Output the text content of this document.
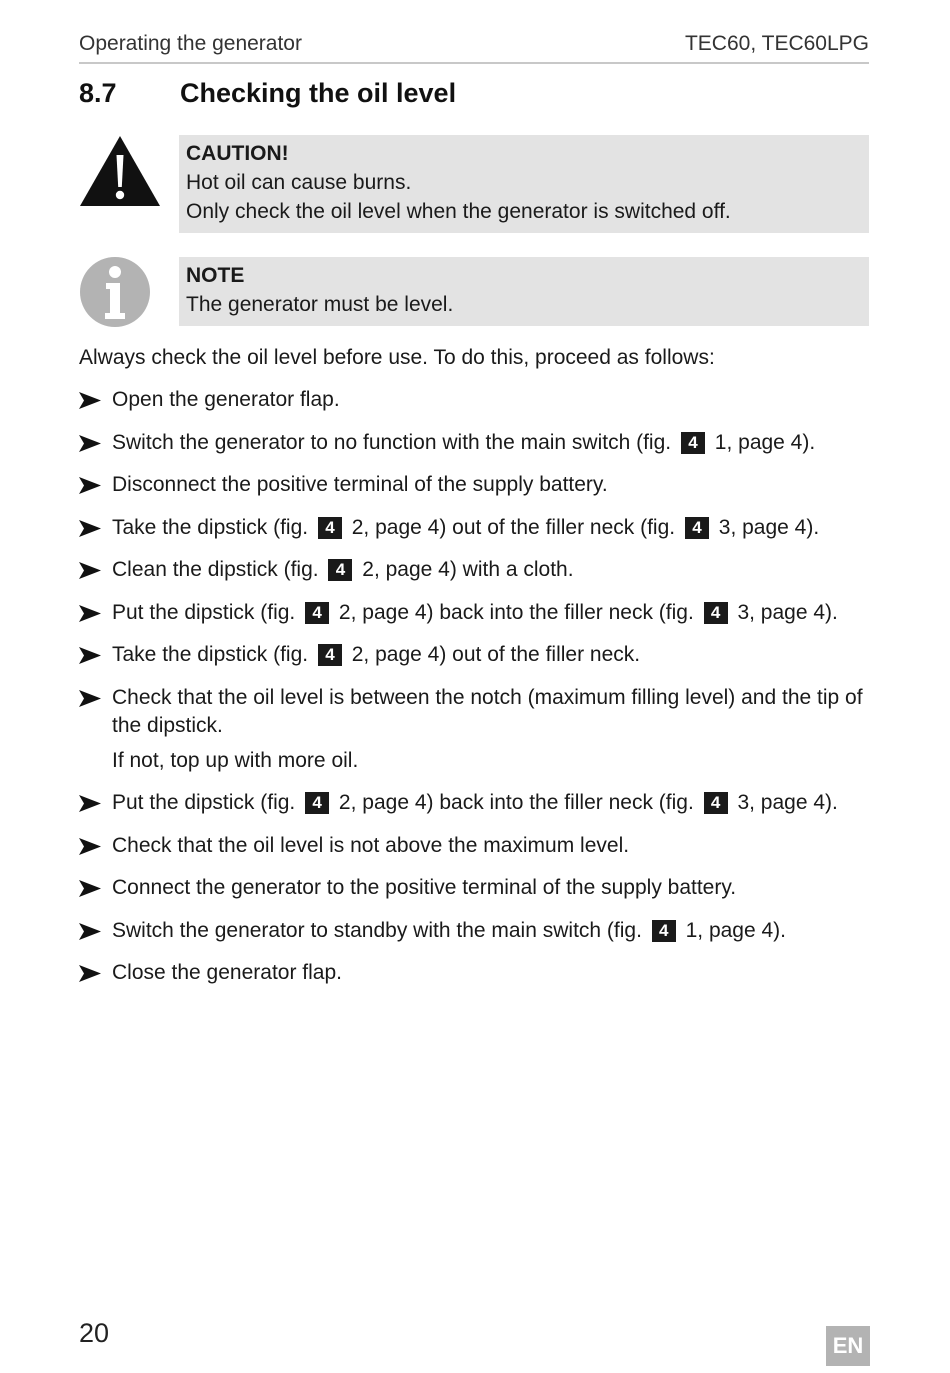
Operating the generator	TEC60, TEC60LPG
8.7 Checking the oil level
CAUTION!
Hot oil can cause burns.
Only check the oil level when the generator is switched off.
NOTE
The generator must be level.
Always check the oil level before use. To do this, proceed as follows:
Open the generator flap.
Switch the generator to no function with the main switch (fig. 4 1, page 4).
Disconnect the positive terminal of the supply battery.
Take the dipstick (fig. 4 2, page 4) out of the filler neck (fig. 4 3, page 4).
Clean the dipstick (fig. 4 2, page 4) with a cloth.
Put the dipstick (fig. 4 2, page 4) back into the filler neck (fig. 4 3, page 4).
Take the dipstick (fig. 4 2, page 4) out of the filler neck.
Check that the oil level is between the notch (maximum filling level) and the tip of the dipstick.
If not, top up with more oil.
Put the dipstick (fig. 4 2, page 4) back into the filler neck (fig. 4 3, page 4).
Check that the oil level is not above the maximum level.
Connect the generator to the positive terminal of the supply battery.
Switch the generator to standby with the main switch (fig. 4 1, page 4).
Close the generator flap.
20	EN
